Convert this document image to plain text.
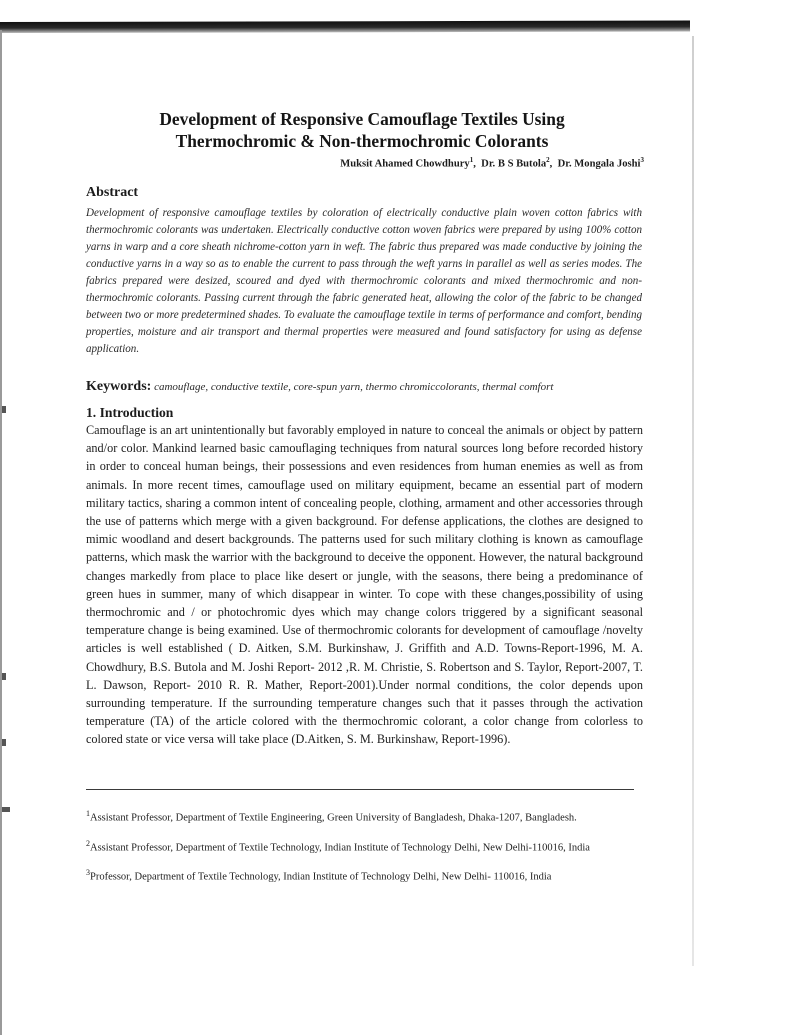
Development of Responsive Camouflage Textiles Using
Thermochromic & Non-thermochromic Colorants
Muksit Ahamed Chowdhury$^1$,  Dr. B S Butola$^2$,  Dr. Mongala Joshi$^3$
Abstract
Development of responsive camouflage textiles by coloration of electrically conductive plain woven cotton fabrics with thermochromic colorants was undertaken. Electrically conductive cotton woven fabrics were prepared by using 100% cotton yarns in warp and a core sheath nichrome-cotton yarn in weft. The fabric thus prepared was made conductive by joining the conductive yarns in a way so as to enable the current to pass through the weft yarns in parallel as well as series modes. The fabrics prepared were desized, scoured and dyed with thermochromic colorants and mixed thermochromic and non-thermochromic colorants. Passing current through the fabric generated heat, allowing the color of the fabric to be changed between two or more predetermined shades. To evaluate the camouflage textile in terms of performance and comfort, bending properties, moisture and air transport and thermal properties were measured and found satisfactory for using as defense application.
Keywords: camouflage, conductive textile, core-spun yarn, thermo chromiccolorants, thermal comfort
1. Introduction
Camouflage is an art unintentionally but favorably employed in nature to conceal the animals or object by pattern and/or color. Mankind learned basic camouflaging techniques from natural sources long before recorded history in order to conceal human beings, their possessions and even residences from human enemies as well as from animals. In more recent times, camouflage used on military equipment, became an essential part of modern military tactics, sharing a common intent of concealing people, clothing, armament and other accessories through the use of patterns which merge with a given background. For defense applications, the clothes are designed to mimic woodland and desert backgrounds. The patterns used for such military clothing is known as camouflage patterns, which mask the warrior with the background to deceive the opponent. However, the natural background changes markedly from place to place like desert or jungle, with the seasons, there being a predominance of green hues in summer, many of which disappear in winter. To cope with these changes,possibility of using thermochromic and / or photochromic dyes which may change colors triggered by a significant seasonal temperature change is being examined. Use of thermochromic colorants for development of camouflage /novelty articles is well established ( D. Aitken, S.M. Burkinshaw, J. Griffith and A.D. Towns-Report-1996, M. A. Chowdhury, B.S. Butola and M. Joshi Report- 2012 ,R. M. Christie, S. Robertson and S. Taylor, Report-2007, T. L. Dawson, Report- 2010 R. R. Mather, Report-2001).Under normal conditions, the color depends upon surrounding temperature. If the surrounding temperature changes such that it passes through the activation temperature (TA) of the article colored with the thermochromic colorant, a color change from colorless to colored state or vice versa will take place (D.Aitken, S. M. Burkinshaw, Report-1996).
$^1$Assistant Professor, Department of Textile Engineering, Green University of Bangladesh, Dhaka-1207, Bangladesh.
$^2$Assistant Professor, Department of Textile Technology, Indian Institute of Technology Delhi, New Delhi-110016, India
$^3$Professor, Department of Textile Technology, Indian Institute of Technology Delhi, New Delhi- 110016, India
